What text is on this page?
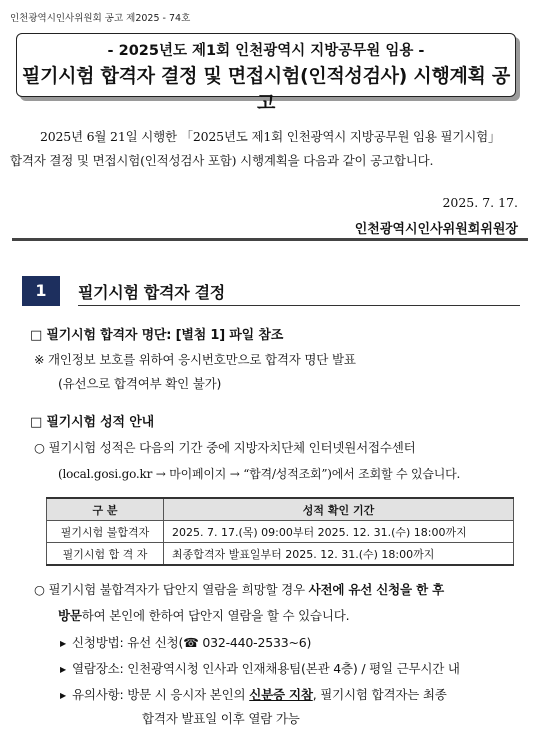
인천광역시인사위원회 공고 제2025 - 74호
- 2025년도 제1회 인천광역시 지방공무원 임용 -
필기시험 합격자 결정 및 면접시험(인적성검사) 시행계획 공고
2025년 6월 21일 시행한 「2025년도 제1회 인천광역시 지방공무원 임용 필기시험」
합격자 결정 및 면접시험(인적성검사 포함) 시행계획을 다음과 같이 공고합니다.
2025. 7. 17.
인천광역시인사위원회위원장
1	필기시험 합격자 결정
□ 필기시험 합격자 명단: [별첨 1] 파일 참조
※ 개인정보 보호를 위하여 응시번호만으로 합격자 명단 발표
(유선으로 합격여부 확인 불가)
□ 필기시험 성적 안내
○ 필기시험 성적은 다음의 기간 중에 지방자치단체 인터넷원서접수센터
(local.gosi.go.kr → 마이페이지 → “합격/성적조회”)에서 조회할 수 있습니다.
구 분	성적 확인 기간
필기시험 불합격자	2025. 7. 17.(목) 09:00부터 2025. 12. 31.(수) 18:00까지
필기시험 합 격 자	최종합격자 발표일부터 2025. 12. 31.(수) 18:00까지
○ 필기시험 불합격자가 답안지 열람을 희망할 경우 사전에 유선 신청을 한 후
방문하여 본인에 한하여 답안지 열람을 할 수 있습니다.
▶ 신청방법: 유선 신청(☎ 032-440-2533~6)
▶ 열람장소: 인천광역시청 인사과 인재채용팀(본관 4층) / 평일 근무시간 내
▶ 유의사항: 방문 시 응시자 본인의 신분증 지참, 필기시험 합격자는 최종
합격자 발표일 이후 열람 가능
